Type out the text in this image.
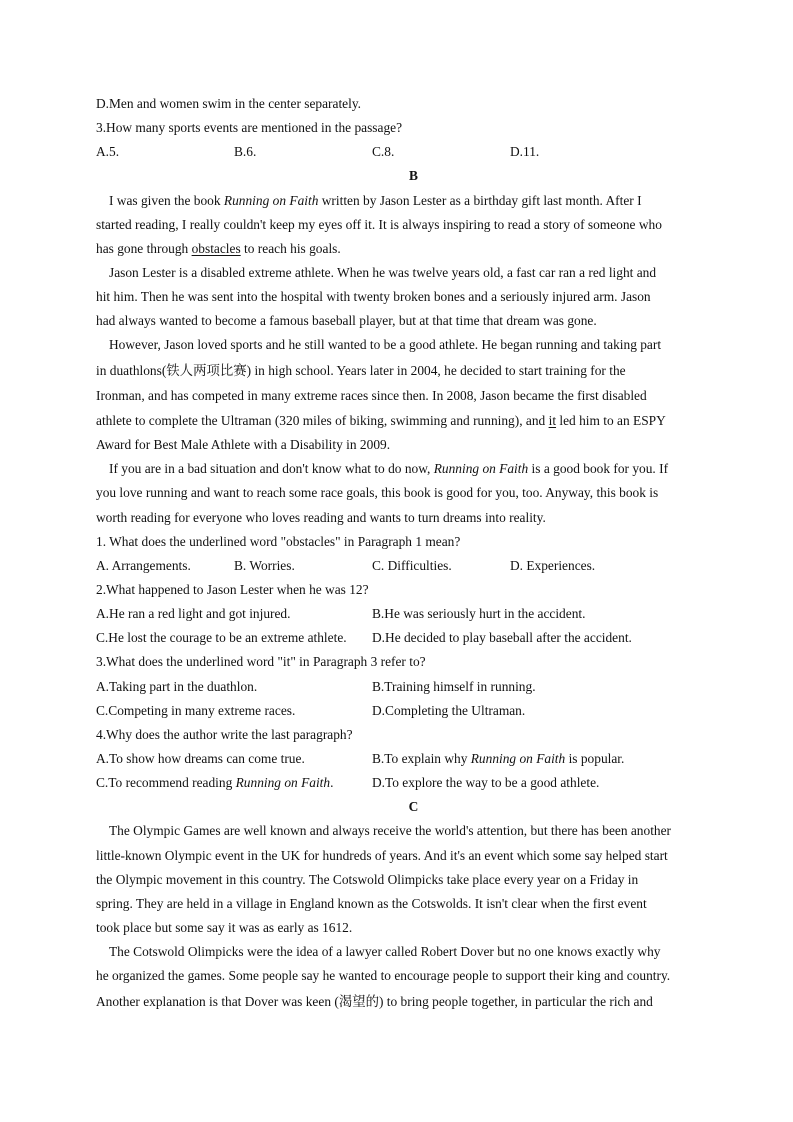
D.Men and women swim in the center separately.

3.How many sports events are mentioned in the passage?

A.5.	B.6.	C.8.	D.11.

B

I was given the book Running on Faith written by Jason Lester as a birthday gift last month. After I

started reading, I really couldn't keep my eyes off it. It is always inspiring to read a story of someone who

has gone through obstacles to reach his goals.

Jason Lester is a disabled extreme athlete. When he was twelve years old, a fast car ran a red light and

hit him. Then he was sent into the hospital with twenty broken bones and a seriously injured arm. Jason

had always wanted to become a famous baseball player, but at that time that dream was gone.

However, Jason loved sports and he still wanted to be a good athlete. He began running and taking part

in duathlons(铁人两项比赛) in high school. Years later in 2004, he decided to start training for the

Ironman, and has competed in many extreme races since then. In 2008, Jason became the first disabled

athlete to complete the Ultraman (320 miles of biking, swimming and running), and it led him to an ESPY

Award for Best Male Athlete with a Disability in 2009.

If you are in a bad situation and don't know what to do now, Running on Faith is a good book for you. If

you love running and want to reach some race goals, this book is good for you, too. Anyway, this book is

worth reading for everyone who loves reading and wants to turn dreams into reality.

1. What does the underlined word "obstacles" in Paragraph 1 mean?

A. Arrangements.	B. Worries.	C. Difficulties.	D. Experiences.

2.What happened to Jason Lester when he was 12?

A.He ran a red light and got injured.	B.He was seriously hurt in the accident.
C.He lost the courage to be an extreme athlete. D.He decided to play baseball after the accident.

3.What does the underlined word "it" in Paragraph 3 refer to?

A.Taking part in the duathlon.	B.Training himself in running.
C.Competing in many extreme races.	D.Completing the Ultraman.

4.Why does the author write the last paragraph?

A.To show how dreams can come true.	B.To explain why Running on Faith is popular.
C.To recommend reading Running on Faith.	D.To explore the way to be a good athlete.

C

The Olympic Games are well known and always receive the world's attention, but there has been another

little-known Olympic event in the UK for hundreds of years. And it's an event which some say helped start

the Olympic movement in this country. The Cotswold Olimpicks take place every year on a Friday in

spring. They are held in a village in England known as the Cotswolds. It isn't clear when the first event

took place but some say it was as early as 1612.

The Cotswold Olimpicks were the idea of a lawyer called Robert Dover but no one knows exactly why

he organized the games. Some people say he wanted to encourage people to support their king and country.

Another explanation is that Dover was keen (渴望的) to bring people together, in particular the rich and
